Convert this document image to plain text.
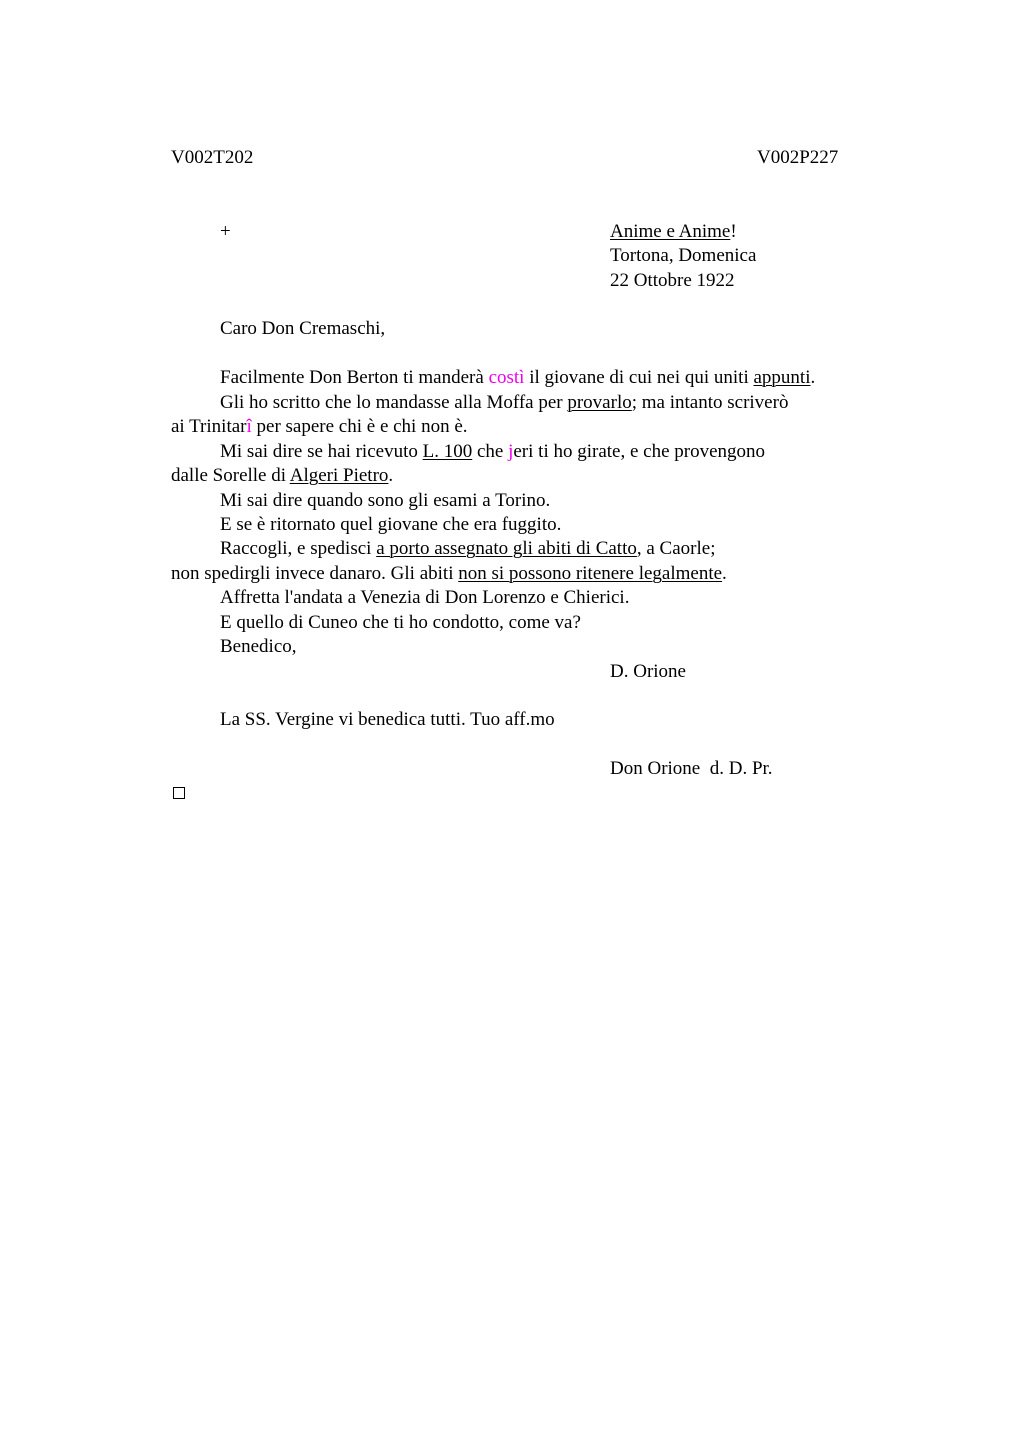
V002T202	V002P227
+	Anime e Anime!
Tortona, Domenica
22 Ottobre 1922
Caro Don Cremaschi,
Facilmente Don Berton ti manderà costì il giovane di cui nei qui uniti appunti.
Gli ho scritto che lo mandasse alla Moffa per provarlo; ma intanto scriverò
ai Trinitarî per sapere chi è e chi non è.
Mi sai dire se hai ricevuto L. 100 che jeri ti ho girate, e che provengono
dalle Sorelle di Algeri Pietro.
Mi sai dire quando sono gli esami a Torino.
E se è ritornato quel giovane che era fuggito.
Raccogli, e spedisci a porto assegnato gli abiti di Catto, a Caorle;
non spedirgli invece danaro. Gli abiti non si possono ritenere legalmente.
Affretta l'andata a Venezia di Don Lorenzo e Chierici.
E quello di Cuneo che ti ho condotto, come va?
Benedico,
D. Orione
La SS. Vergine vi benedica tutti. Tuo aff.mo
Don Orione  d. D. Pr.
